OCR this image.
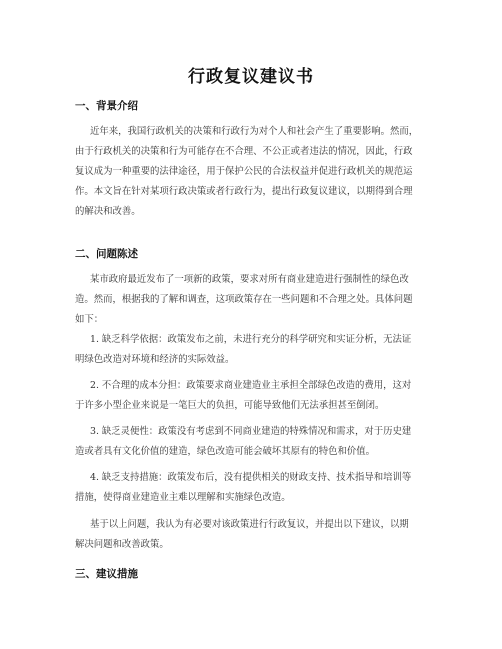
行政复议建议书
一、背景介绍
近年来，我国行政机关的决策和行政行为对个人和社会产生了重要影响。然而，
由于行政机关的决策和行为可能存在不合理、不公正或者违法的情况，因此，行政
复议成为一种重要的法律途径，用于保护公民的合法权益并促进行政机关的规范运
作。本文旨在针对某项行政决策或者行政行为，提出行政复议建议，以期得到合理
的解决和改善。
二、问题陈述
某市政府最近发布了一项新的政策，要求对所有商业建造进行强制性的绿色改
造。然而，根据我的了解和调查，这项政策存在一些问题和不合理之处。具体问题
如下：
1. 缺乏科学依据：政策发布之前，未进行充分的科学研究和实证分析，无法证
明绿色改造对环境和经济的实际效益。
2. 不合理的成本分担：政策要求商业建造业主承担全部绿色改造的费用，这对
于许多小型企业来说是一笔巨大的负担，可能导致他们无法承担甚至倒闭。
3. 缺乏灵便性：政策没有考虑到不同商业建造的特殊情况和需求，对于历史建
造或者具有文化价值的建造，绿色改造可能会破坏其原有的特色和价值。
4. 缺乏支持措施：政策发布后，没有提供相关的财政支持、技术指导和培训等
措施，使得商业建造业主难以理解和实施绿色改造。
基于以上问题，我认为有必要对该政策进行行政复议，并提出以下建议，以期
解决问题和改善政策。
三、建议措施
